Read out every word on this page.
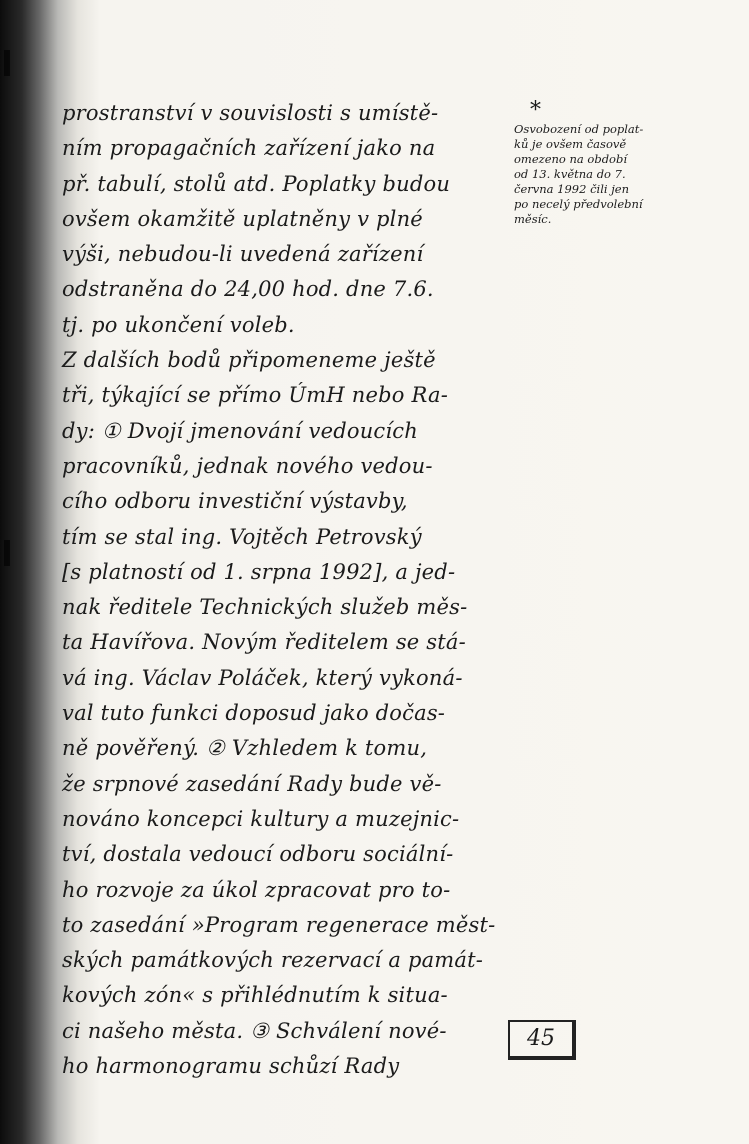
prostranství v souvislosti s umístě-
ním propagačních zařízení jako na
př. tabulí, stolů atd. Poplatky budou
ovšem okamžitě uplatněny v plné
výši, nebudou-li uvedená zařízení
odstraněna do 24,00 hod. dne 7.6.
tj. po ukončení voleb.
Z dalších bodů připomeneme ještě
tři, týkající se přímo ÚmH nebo Ra-
dy: ① Dvojí jmenování vedoucích
pracovníků, jednak nového vedou-
cího odboru investiční výstavby,
tím se stal ing. Vojtěch Petrovský
[s platností od 1. srpna 1992], a jed-
nak ředitele Technických služeb měs-
ta Havířova. Novým ředitelem se stá-
vá ing. Václav Poláček, který vykoná-
val tuto funkci doposud jako dočas-
ně pověřený. ② Vzhledem k tomu,
že srpnové zasedání Rady bude vě-
nováno koncepci kultury a muzejnic-
tví, dostala vedoucí odboru sociální-
ho rozvoje za úkol zpracovat pro to-
to zasedání »Program regenerace měst-
ských památkových rezervací a památ-
kových zón« s přihlédnutím k situa-
ci našeho města. ③ Schválení nové-
ho harmonogramu schůzí Rady
*
Osvobození od poplat-
ků je ovšem časově
omezeno na období
od 13. května do 7.
června 1992 čili jen
po necelý předvolební
měsíc.
45
